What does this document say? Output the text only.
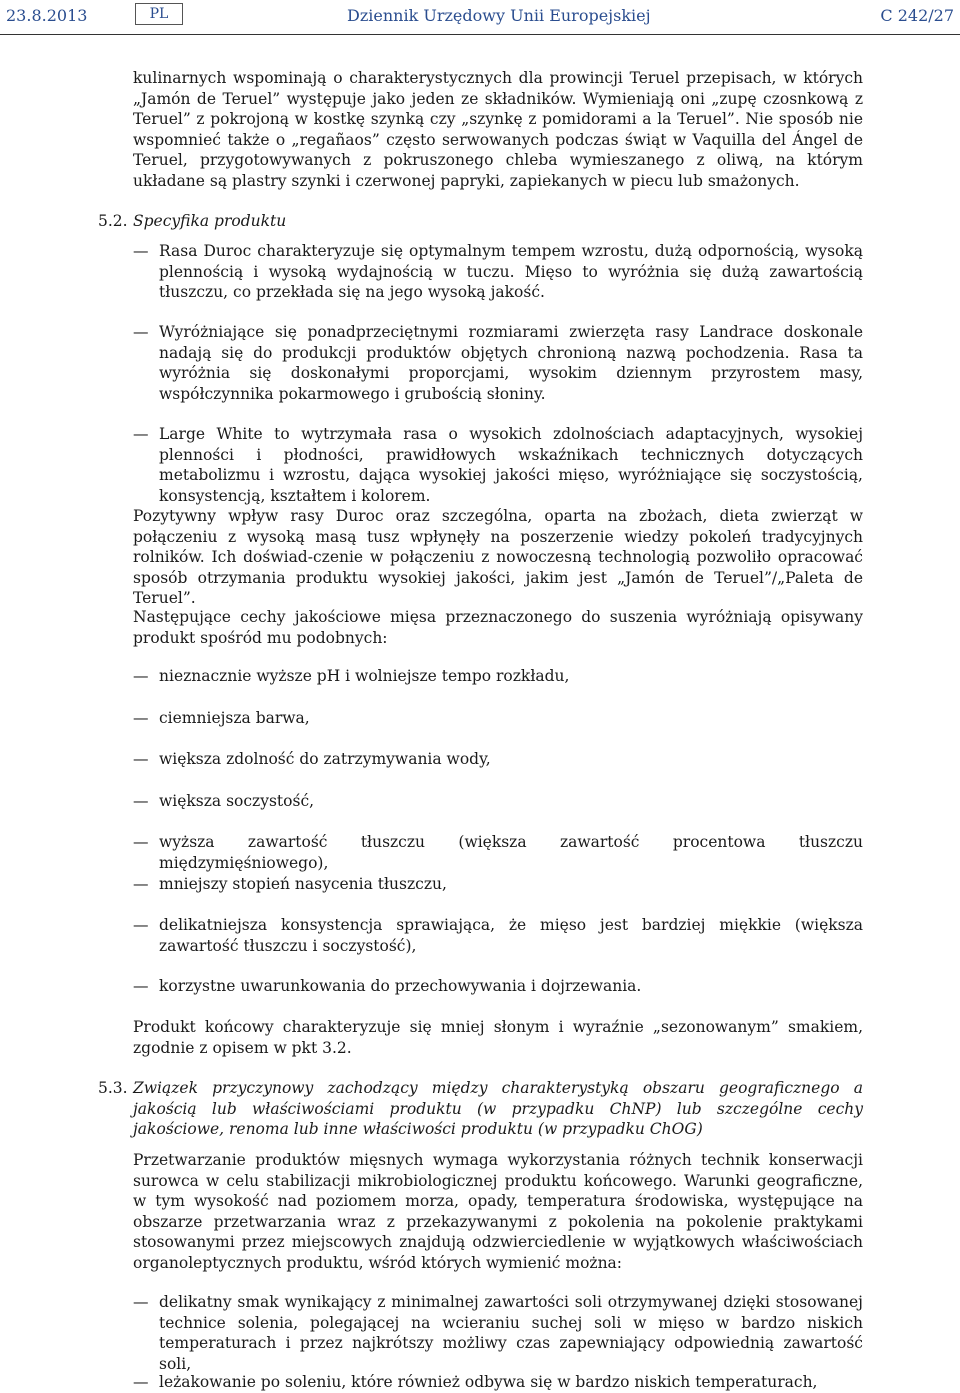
23.8.2013	PL	Dziennik Urzędowy Unii Europejskiej	C 242/27

kulinarnych wspominają o charakterystycznych dla prowincji Teruel przepisach, w których „Jamón de Teruel” występuje jako jeden ze składników. Wymieniają oni „zupę czosnkową z Teruel” z pokrojoną w kostkę szynką czy „szynkę z pomidorami a la Teruel”. Nie sposób nie wspomnieć także o „regañaos” często serwowanych podczas świąt w Vaquilla del Ángel de Teruel, przygotowywanych z pokruszonego chleba wymieszanego z oliwą, na którym układane są plastry szynki i czerwonej papryki, zapiekanych w piecu lub smażonych.

5.2. Specyfika produktu

— Rasa Duroc charakteryzuje się optymalnym tempem wzrostu, dużą odpornością, wysoką plennością i wysoką wydajnością w tuczu. Mięso to wyróżnia się dużą zawartością tłuszczu, co przekłada się na jego wysoką jakość.
— Wyróżniające się ponadprzeciętnymi rozmiarami zwierzęta rasy Landrace doskonale nadają się do produkcji produktów objętych chronioną nazwą pochodzenia. Rasa ta wyróżnia się doskonałymi proporcjami, wysokim dziennym przyrostem masy, współczynnika pokarmowego i grubością słoniny.
— Large White to wytrzymała rasa o wysokich zdolnościach adaptacyjnych, wysokiej plenności i płodności, prawidłowych wskaźnikach technicznych dotyczących metabolizmu i wzrostu, dająca wysokiej jakości mięso, wyróżniające się soczystością, konsystencją, kształtem i kolorem.

Pozytywny wpływ rasy Duroc oraz szczególna, oparta na zbożach, dieta zwierząt w połączeniu z wysoką masą tusz wpłynęły na poszerzenie wiedzy pokoleń tradycyjnych rolników. Ich doświad-czenie w połączeniu z nowoczesną technologią pozwoliło opracować sposób otrzymania produktu wysokiej jakości, jakim jest „Jamón de Teruel”/„Paleta de Teruel”.

Następujące cechy jakościowe mięsa przeznaczonego do suszenia wyróżniają opisywany produkt spośród mu podobnych:

— nieznacznie wyższe pH i wolniejsze tempo rozkładu,
— ciemniejsza barwa,
— większa zdolność do zatrzymywania wody,
— większa soczystość,
— wyższa zawartość tłuszczu (większa zawartość procentowa tłuszczu międzymięśniowego),
— mniejszy stopień nasycenia tłuszczu,
— delikatniejsza konsystencja sprawiająca, że mięso jest bardziej miękkie (większa zawartość tłuszczu i soczystość),
— korzystne uwarunkowania do przechowywania i dojrzewania.

Produkt końcowy charakteryzuje się mniej słonym i wyraźnie „sezonowanym” smakiem, zgodnie z opisem w pkt 3.2.

5.3. Związek przyczynowy zachodzący między charakterystyką obszaru geograficznego a jakością lub właściwościami produktu (w przypadku ChNP) lub szczególne cechy jakościowe, renoma lub inne właściwości produktu (w przypadku ChOG)

Przetwarzanie produktów mięsnych wymaga wykorzystania różnych technik konserwacji surowca w celu stabilizacji mikrobiologicznej produktu końcowego. Warunki geograficzne, w tym wysokość nad poziomem morza, opady, temperatura środowiska, występujące na obszarze przetwarzania wraz z przekazywanymi z pokolenia na pokolenie praktykami stosowanymi przez miejscowych znajdują odzwierciedlenie w wyjątkowych właściwościach organoleptycznych produktu, wśród których wymienić można:

— delikatny smak wynikający z minimalnej zawartości soli otrzymywanej dzięki stosowanej technice solenia, polegającej na wcieraniu suchej soli w mięso w bardzo niskich temperaturach i przez najkrótszy możliwy czas zapewniający odpowiednią zawartość soli,
— leżakowanie po soleniu, które również odbywa się w bardzo niskich temperaturach,
